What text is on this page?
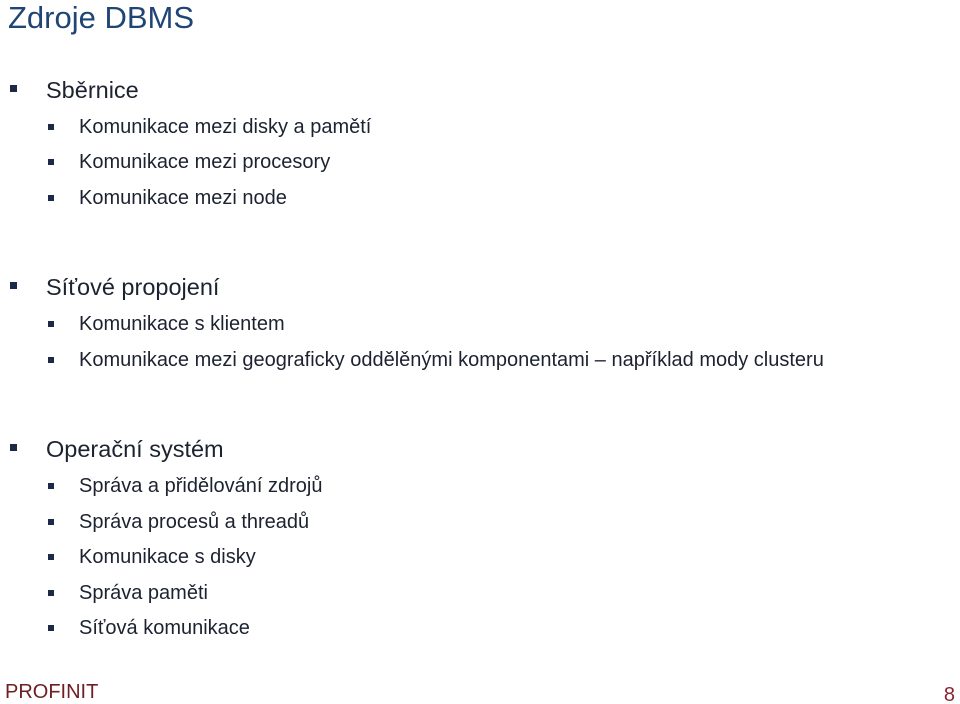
Zdroje DBMS
Sběrnice
Komunikace mezi disky a pamětí
Komunikace mezi procesory
Komunikace mezi node
Síťové propojení
Komunikace s klientem
Komunikace mezi geograficky oddělěnými komponentami – například mody clusteru
Operační systém
Správa a přidělování zdrojů
Správa procesů a threadů
Komunikace s disky
Správa paměti
Síťová komunikace
PROFINIT	8
